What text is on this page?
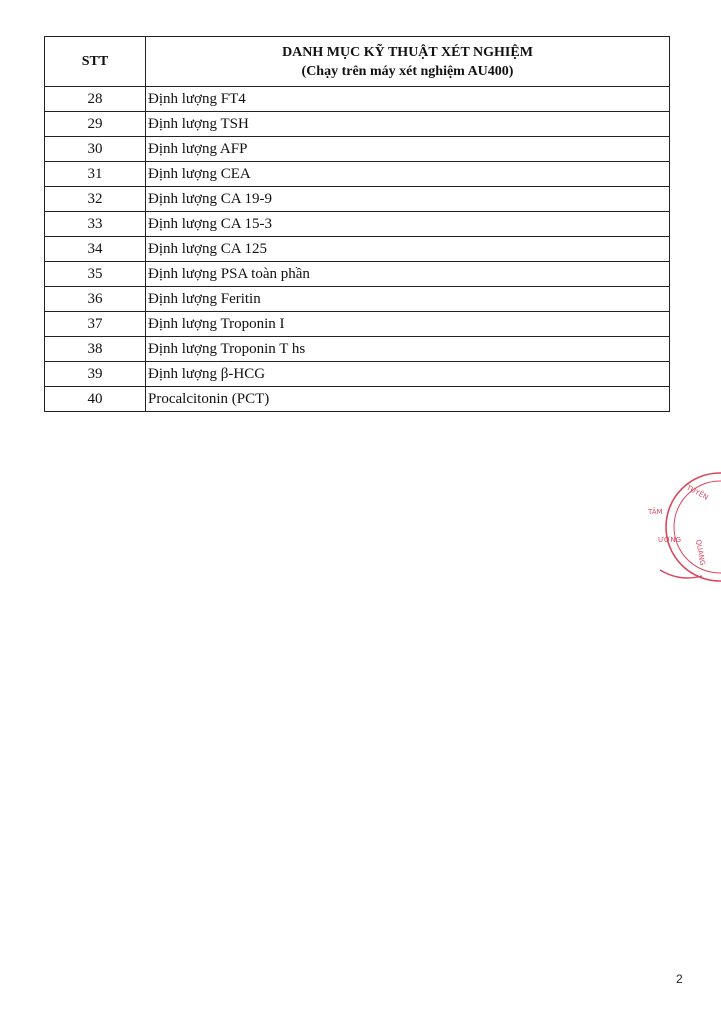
STT	DANH MỤC KỸ THUẬT XÉT NGHIỆM
(Chạy trên máy xét nghiệm AU400)

28	Định lượng FT4
29	Định lượng TSH
30	Định lượng AFP
31	Định lượng CEA
32	Định lượng CA 19-9
33	Định lượng CA 15-3
34	Định lượng CA 125
35	Định lượng PSA toàn phần
36	Định lượng Feritin
37	Định lượng Troponin I
38	Định lượng Troponin T hs
39	Định lượng β-HCG
40	Procalcitonin (PCT)
TUYÊN
TÂM
ƯƠNG QUANG
2
